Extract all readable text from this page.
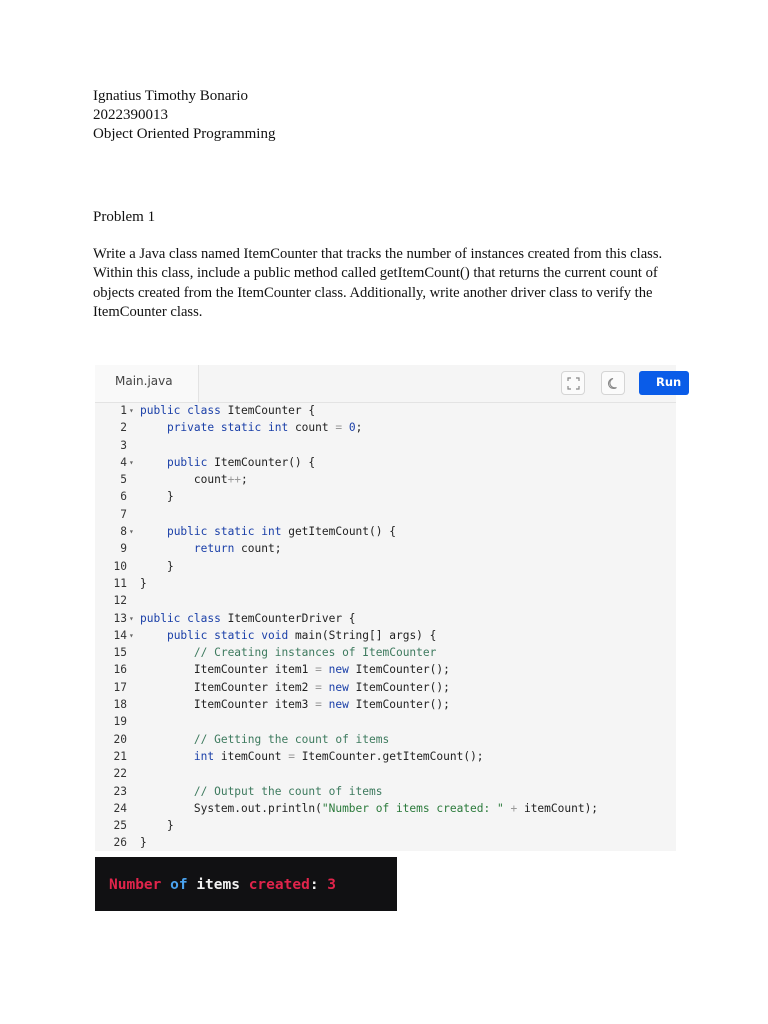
Ignatius Timothy Bonario
2022390013
Object Oriented Programming
Problem 1
Write a Java class named ItemCounter that tracks the number of instances created from this class. Within this class, include a public method called getItemCount() that returns the current count of objects created from the ItemCounter class. Additionally, write another driver class to verify the ItemCounter class.
Main.java	Run
1 ▾ public class ItemCounter {
2	private static int count = 0;
3
4 ▾	public ItemCounter() {
5 count++;
6 }
7
8 ▾	public static int getItemCount() {
9	return count;
10 }
11 }
12
13 ▾ public class ItemCounterDriver {
14 ▾	public static void main(String[] args) {
15	// Creating instances of ItemCounter
16 ItemCounter item1 = new ItemCounter();
17 ItemCounter item2 = new ItemCounter();
18 ItemCounter item3 = new ItemCounter();
19
20	// Getting the count of items
21	int itemCount = ItemCounter.getItemCount();
22
23	// Output the count of items
24 System.out.println("Number of items created: " + itemCount);
25 }
26 }
Number of items created: 3
